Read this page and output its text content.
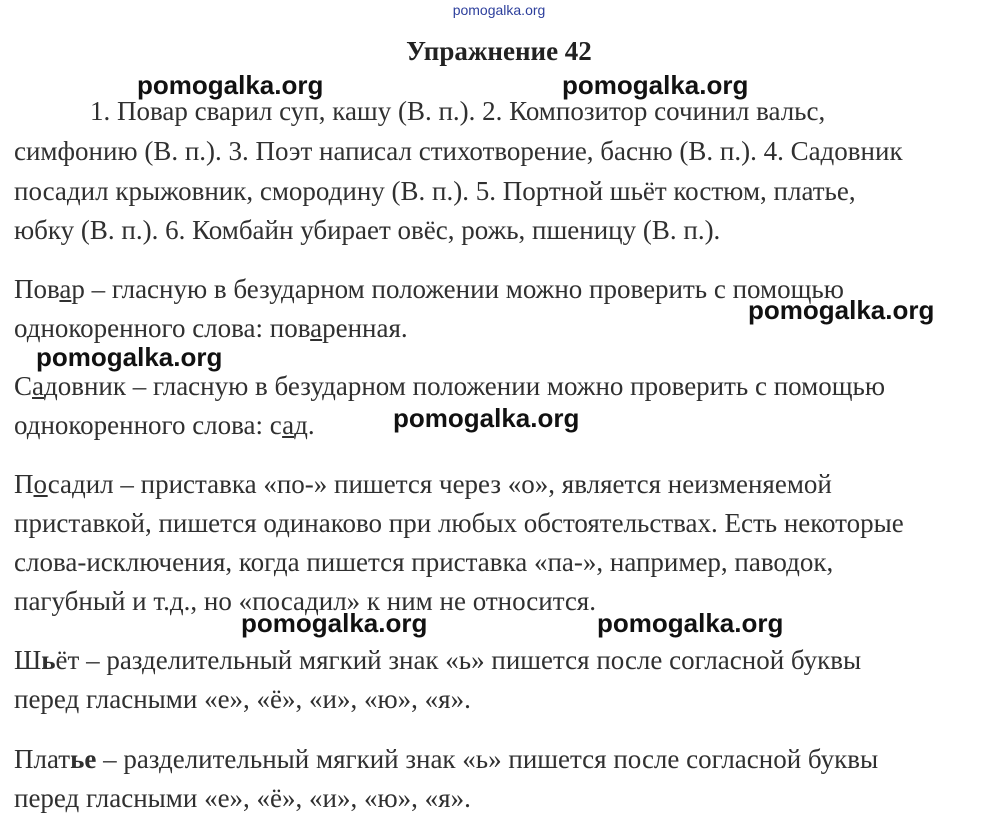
pomogalka.org
Упражнение 42

1. Повар сварил суп, кашу (В. п.). 2. Композитор сочинил вальс,

симфонию (В. п.). 3. Поэт написал стихотворение, басню (В. п.). 4. Садовник

посадил крыжовник, смородину (В. п.). 5. Портной шьёт костюм, платье,

юбку (В. п.). 6. Комбайн убирает овёс, рожь, пшеницу (В. п.).

Повар – гласную в безударном положении можно проверить с помощью

однокоренного слова: поваренная.

Садовник – гласную в безударном положении можно проверить с помощью

однокоренного слова: сад.

Посадил – приставка «по-» пишется через «о», является неизменяемой

приставкой, пишется одинаково при любых обстоятельствах. Есть некоторые

слова-исключения, когда пишется приставка «па-», например, паводок,

пагубный и т.д., но «посадил» к ним не относится.

Шьёт – разделительный мягкий знак «ь» пишется после согласной буквы

перед гласными «е», «ё», «и», «ю», «я».

Платье – разделительный мягкий знак «ь» пишется после согласной буквы

перед гласными «е», «ё», «и», «ю», «я».

pomogalka.org	pomogalka.org
pomogalka.org
pomogalka.org
pomogalka.org
pomogalka.org	pomogalka.org
